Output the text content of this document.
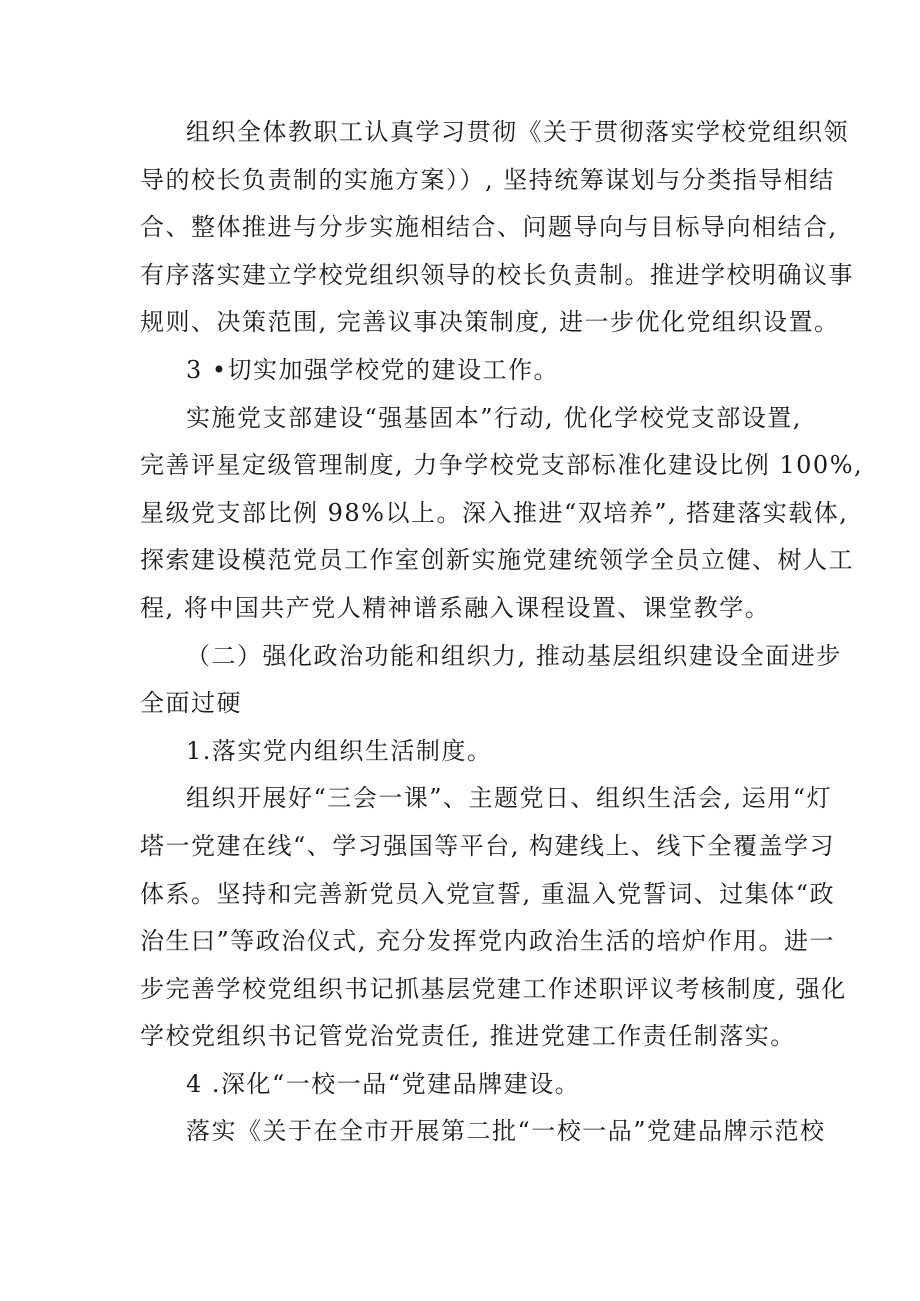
组织全体教职工认真学习贯彻《关于贯彻落实学校党组织领
导的校长负责制的实施方案））, 坚持统筹谋划与分类指导相结
合、整体推进与分步实施相结合、问题导向与目标导向相结合,
有序落实建立学校党组织领导的校长负责制。推进学校明确议事
规则、决策范围, 完善议事决策制度, 进一步优化党组织设置。
3 •切实加强学校党的建设工作。
实施党支部建设“强基固本”行动, 优化学校党支部设置,
完善评星定级管理制度, 力争学校党支部标准化建设比例 100%,
星级党支部比例 98%以上。深入推进“双培养”, 搭建落实载体,
探索建设模范党员工作室创新实施党建统领学全员立健、树人工
程, 将中国共产党人精神谱系融入课程设置、课堂教学。
（二）强化政治功能和组织力, 推动基层组织建设全面进步
全面过硬
1.落实党内组织生活制度。
组织开展好“三会一课”、主题党日、组织生活会, 运用“灯
塔一党建在线“、学习强国等平台, 构建线上、线下全覆盖学习
体系。坚持和完善新党员入党宣誓, 重温入党誓词、过集体“政
治生曰”等政治仪式, 充分发挥党内政治生活的培炉作用。进一
步完善学校党组织书记抓基层党建工作述职评议考核制度, 强化
学校党组织书记管党治党责任, 推进党建工作责任制落实。
4 .深化“一校一品“党建品牌建设。
落实《关于在全市开展第二批“一校一品”党建品牌示范校
